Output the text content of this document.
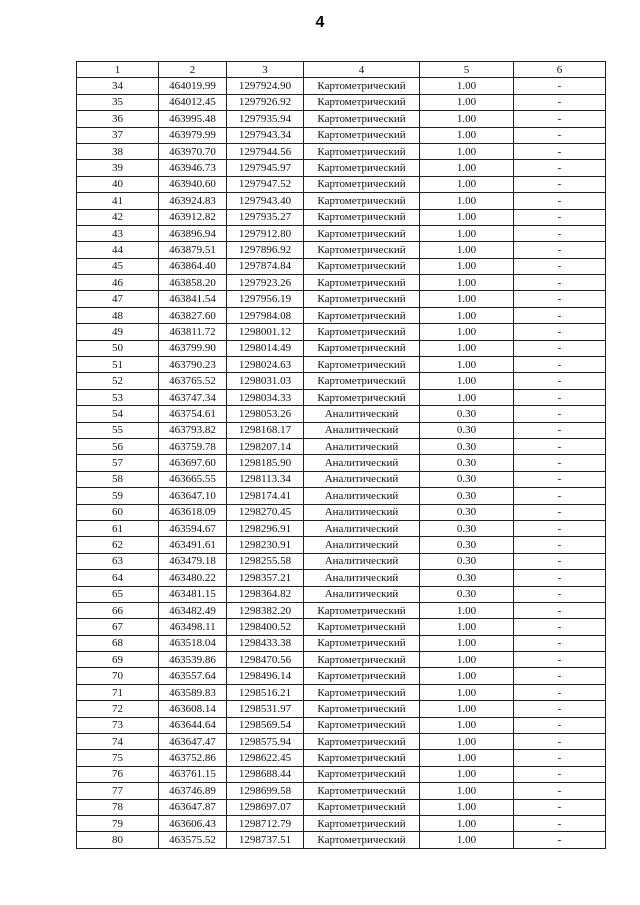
4
1	2	3	4	5	6
34	464019.99	1297924.90	Картометрический	1.00	-
35	464012.45	1297926.92	Картометрический	1.00	-
36	463995.48	1297935.94	Картометрический	1.00	-
37	463979.99	1297943.34	Картометрический	1.00	-
38	463970.70	1297944.56	Картометрический	1.00	-
39	463946.73	1297945.97	Картометрический	1.00	-
40	463940.60	1297947.52	Картометрический	1.00	-
41	463924.83	1297943.40	Картометрический	1.00	-
42	463912.82	1297935.27	Картометрический	1.00	-
43	463896.94	1297912.80	Картометрический	1.00	-
44	463879.51	1297896.92	Картометрический	1.00	-
45	463864.40	1297874.84	Картометрический	1.00	-
46	463858.20	1297923.26	Картометрический	1.00	-
47	463841.54	1297956.19	Картометрический	1.00	-
48	463827.60	1297984.08	Картометрический	1.00	-
49	463811.72	1298001.12	Картометрический	1.00	-
50	463799.90	1298014.49	Картометрический	1.00	-
51	463790.23	1298024.63	Картометрический	1.00	-
52	463765.52	1298031.03	Картометрический	1.00	-
53	463747.34	1298034.33	Картометрический	1.00	-
54	463754.61	1298053.26	Аналитический	0.30	-
55	463793.82	1298168.17	Аналитический	0.30	-
56	463759.78	1298207.14	Аналитический	0.30	-
57	463697.60	1298185.90	Аналитический	0.30	-
58	463665.55	1298113.34	Аналитический	0.30	-
59	463647.10	1298174.41	Аналитический	0.30	-
60	463618.09	1298270.45	Аналитический	0.30	-
61	463594.67	1298296.91	Аналитический	0.30	-
62	463491.61	1298230.91	Аналитический	0.30	-
63	463479.18	1298255.58	Аналитический	0.30	-
64	463480.22	1298357.21	Аналитический	0.30	-
65	463481.15	1298364.82	Аналитический	0.30	-
66	463482.49	1298382.20	Картометрический	1.00	-
67	463498.11	1298400.52	Картометрический	1.00	-
68	463518.04	1298433.38	Картометрический	1.00	-
69	463539.86	1298470.56	Картометрический	1.00	-
70	463557.64	1298496.14	Картометрический	1.00	-
71	463589.83	1298516.21	Картометрический	1.00	-
72	463608.14	1298531.97	Картометрический	1.00	-
73	463644.64	1298569.54	Картометрический	1.00	-
74	463647.47	1298575.94	Картометрический	1.00	-
75	463752.86	1298622.45	Картометрический	1.00	-
76	463761.15	1298688.44	Картометрический	1.00	-
77	463746.89	1298699.58	Картометрический	1.00	-
78	463647.87	1298697.07	Картометрический	1.00	-
79	463606.43	1298712.79	Картометрический	1.00	-
80	463575.52	1298737.51	Картометрический	1.00	-
